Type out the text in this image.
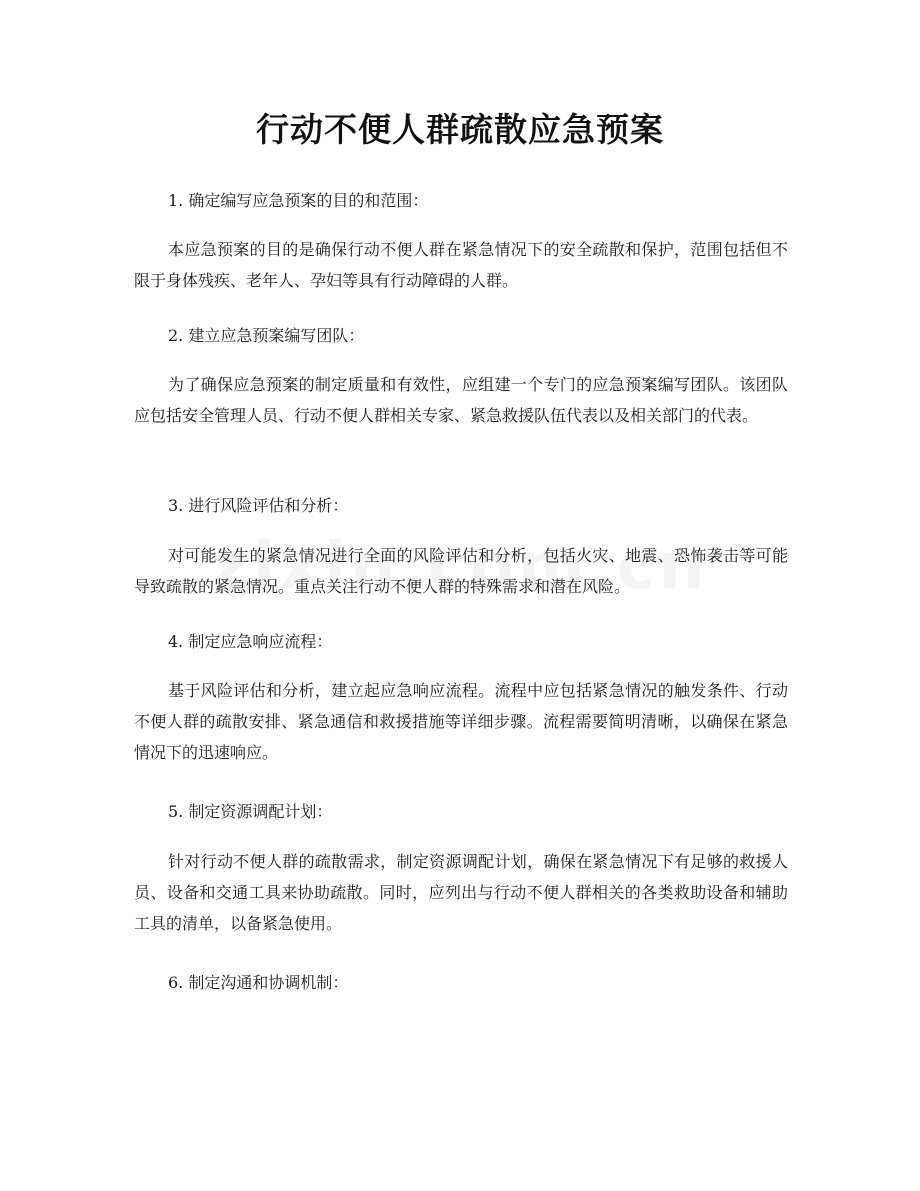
行动不便人群疏散应急预案

1. 确定编写应急预案的目的和范围：

本应急预案的目的是确保行动不便人群在紧急情况下的安全疏散和保护，范围包括但不限于身体残疾、老年人、孕妇等具有行动障碍的人群。

2. 建立应急预案编写团队：

为了确保应急预案的制定质量和有效性，应组建一个专门的应急预案编写团队。该团队应包括安全管理人员、行动不便人群相关专家、紧急救援队伍代表以及相关部门的代表。

3. 进行风险评估和分析：

对可能发生的紧急情况进行全面的风险评估和分析，包括火灾、地震、恐怖袭击等可能导致疏散的紧急情况。重点关注行动不便人群的特殊需求和潜在风险。

4. 制定应急响应流程：

基于风险评估和分析，建立起应急响应流程。流程中应包括紧急情况的触发条件、行动不便人群的疏散安排、紧急通信和救援措施等详细步骤。流程需要简明清晰，以确保在紧急情况下的迅速响应。

5. 制定资源调配计划：

针对行动不便人群的疏散需求，制定资源调配计划，确保在紧急情况下有足够的救援人员、设备和交通工具来协助疏散。同时，应列出与行动不便人群相关的各类救助设备和辅助工具的清单，以备紧急使用。

6. 制定沟通和协调机制：
